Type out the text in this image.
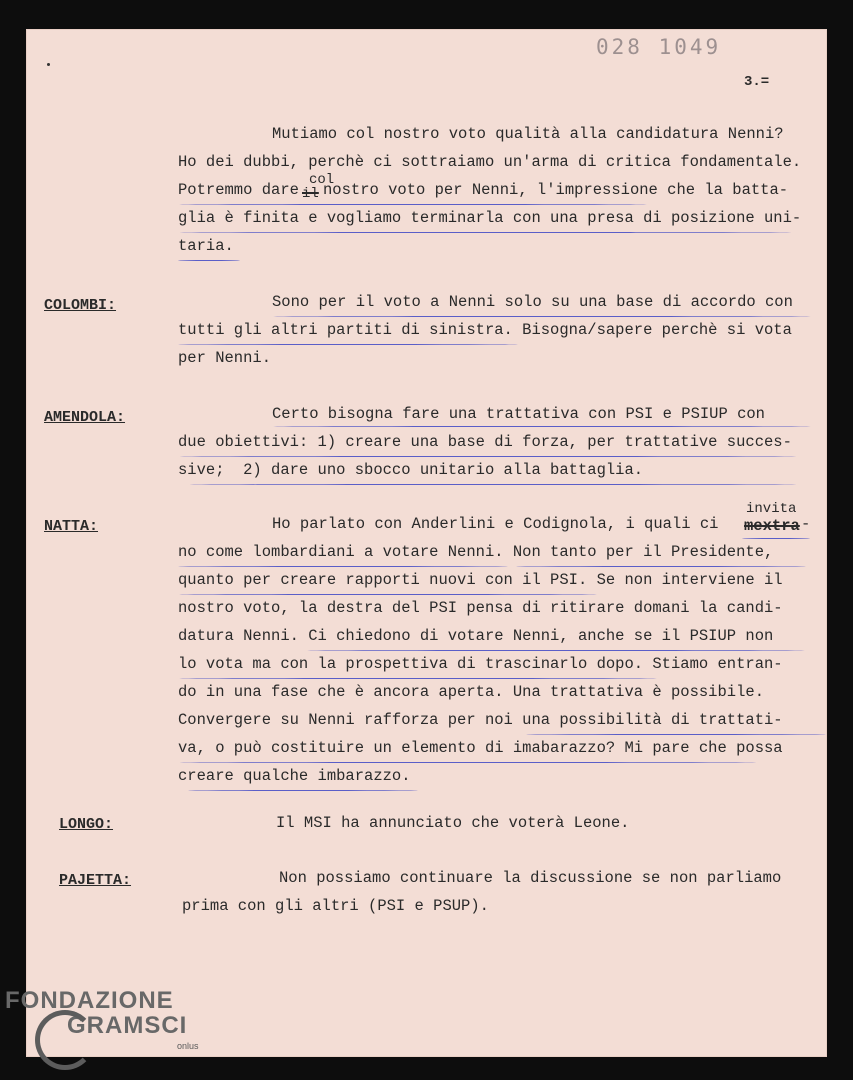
028 1049
3.=
Mutiamo col nostro voto qualità alla candidatura Nenni?
Ho dei dubbi, perchè ci sottraiamo un'arma di critica fondamentale.
Potremmo dare
col
il nostro voto per Nenni, l'impressione che la batta-
glia è finita e vogliamo terminarla con una presa di posizione uni-
taria.
COLOMBI:	Sono per il voto a Nenni solo su una base di accordo con
tutti gli altri partiti di sinistra. Bisogna/sapere perchè si vota
per Nenni.
AMENDOLA:	Certo bisogna fare una trattativa con PSI e PSIUP con
due obiettivi: 1) creare una base di forza, per trattative succes-
sive;  2) dare uno sbocco unitario alla battaglia.
NATTA:	Ho parlato con Anderlini e Codignola, i quali ci
invita
mextra -
no come lombardiani a votare Nenni. Non tanto per il Presidente,
quanto per creare rapporti nuovi con il PSI. Se non interviene il
nostro voto, la destra del PSI pensa di ritirare domani la candi-
datura Nenni. Ci chiedono di votare Nenni, anche se il PSIUP non
lo vota ma con la prospettiva di trascinarlo dopo. Stiamo entran-
do in una fase che è ancora aperta. Una trattativa è possibile.
Convergere su Nenni rafforza per noi una possibilità di trattati-
va, o può costituire un elemento di imabarazzo? Mi pare che possa
creare qualche imbarazzo.
LONGO:	Il MSI ha annunciato che voterà Leone.
PAJETTA:	Non possiamo continuare la discussione se non parliamo
prima con gli altri (PSI e PSUP).
FONDAZIONE
GRAMSCI
onlus
